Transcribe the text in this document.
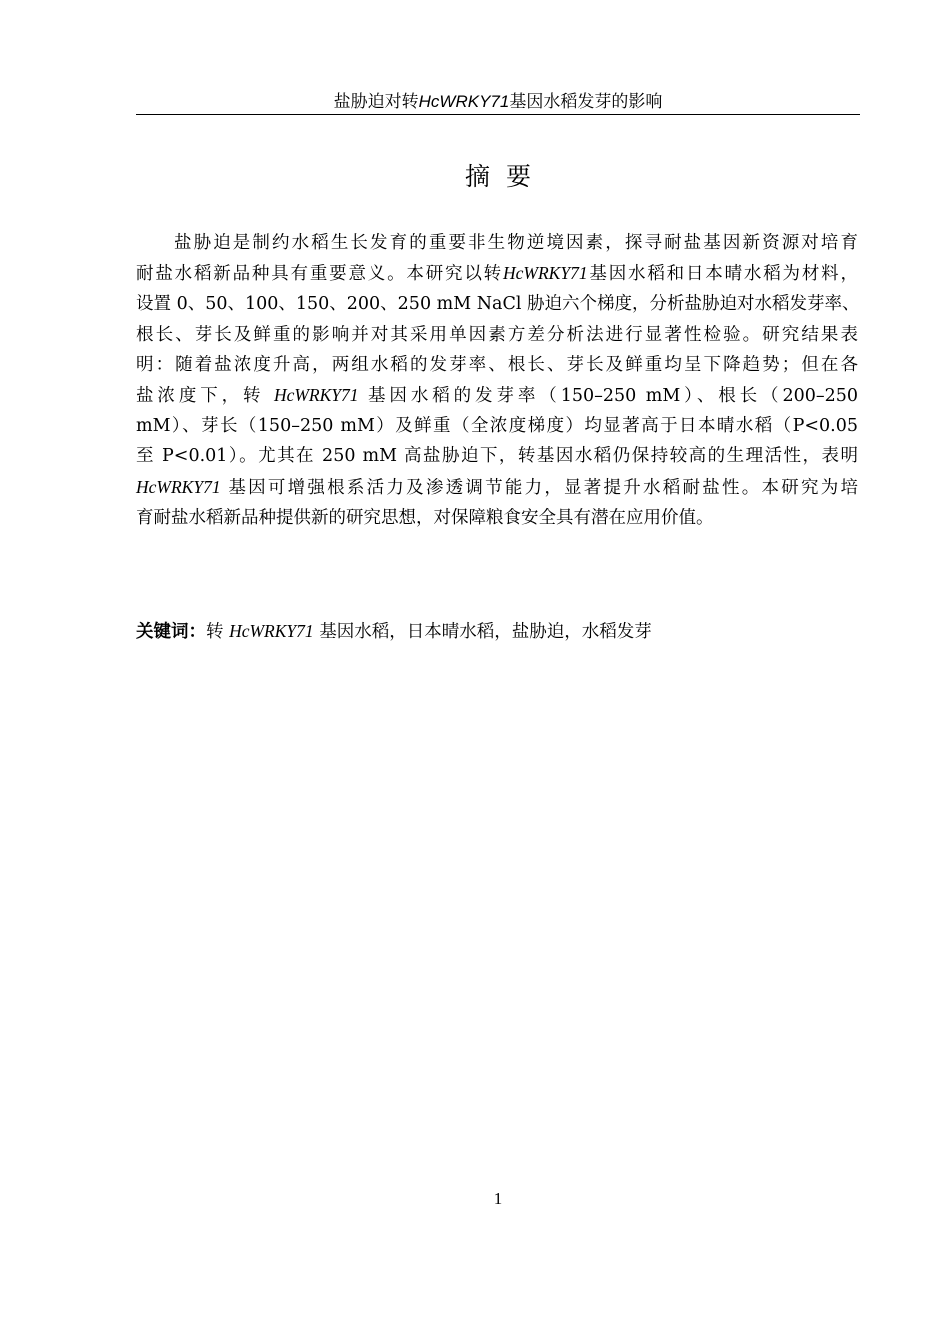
盐胁迫对转HcWRKY71基因水稻发芽的影响
摘要

盐胁迫是制约水稻生长发育的重要非生物逆境因素，探寻耐盐基因新资源对培育
耐盐水稻新品种具有重要意义。本研究以转HcWRKY71基因水稻和日本晴水稻为材料，
设置 0、50、100、150、200、250 mM NaCl 胁迫六个梯度，分析盐胁迫对水稻发芽率、
根长、芽长及鲜重的影响并对其采用单因素方差分析法进行显著性检验。研究结果表
明：随着盐浓度升高，两组水稻的发芽率、根长、芽长及鲜重均呈下降趋势；但在各
盐浓度下，转 HcWRKY71 基因水稻的发芽率（150–250 mM）、根长（200–250
mM）、芽长（150–250 mM）及鲜重（全浓度梯度）均显著高于日本晴水稻（P<0.05
至 P<0.01）。尤其在 250 mM 高盐胁迫下，转基因水稻仍保持较高的生理活性，表明
HcWRKY71 基因可增强根系活力及渗透调节能力，显著提升水稻耐盐性。本研究为培
育耐盐水稻新品种提供新的研究思想，对保障粮食安全具有潜在应用价值。

关键词：转 HcWRKY71 基因水稻，日本晴水稻，盐胁迫，水稻发芽
1
